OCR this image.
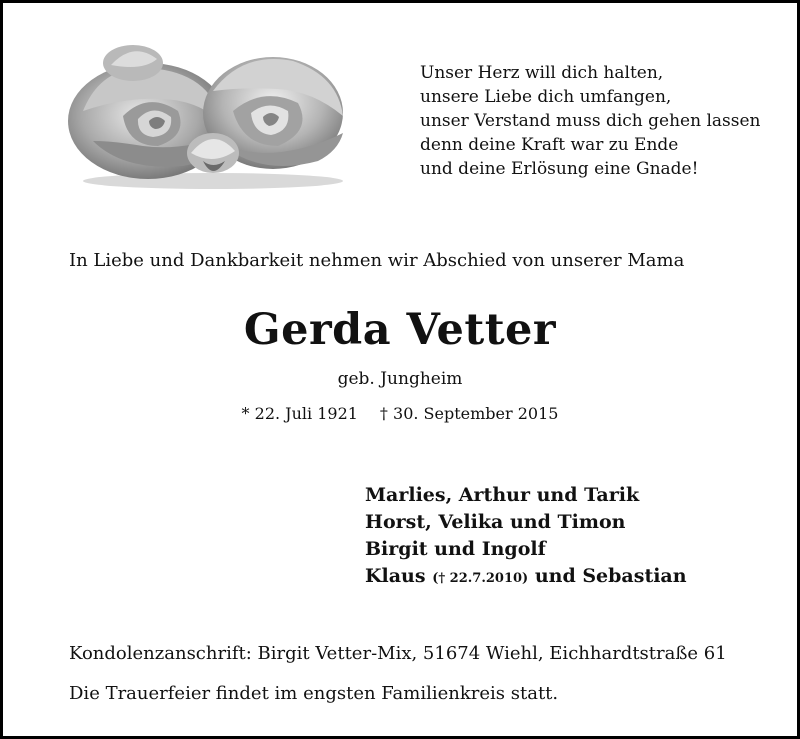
Unser Herz will dich halten,
unsere Liebe dich umfangen,
unser Verstand muss dich gehen lassen
denn deine Kraft war zu Ende
und deine Erlösung eine Gnade!
In Liebe und Dankbarkeit nehmen wir Abschied von unserer Mama
Gerda Vetter
geb. Jungheim
* 22. Juli 1921 † 30. September 2015
Marlies, Arthur und Tarik
Horst, Velika und Timon
Birgit und Ingolf
Klaus († 22.7.2010) und Sebastian
Kondolenzanschrift: Birgit Vetter-Mix, 51674 Wiehl, Eichhardtstraße 61
Die Trauerfeier findet im engsten Familienkreis statt.
